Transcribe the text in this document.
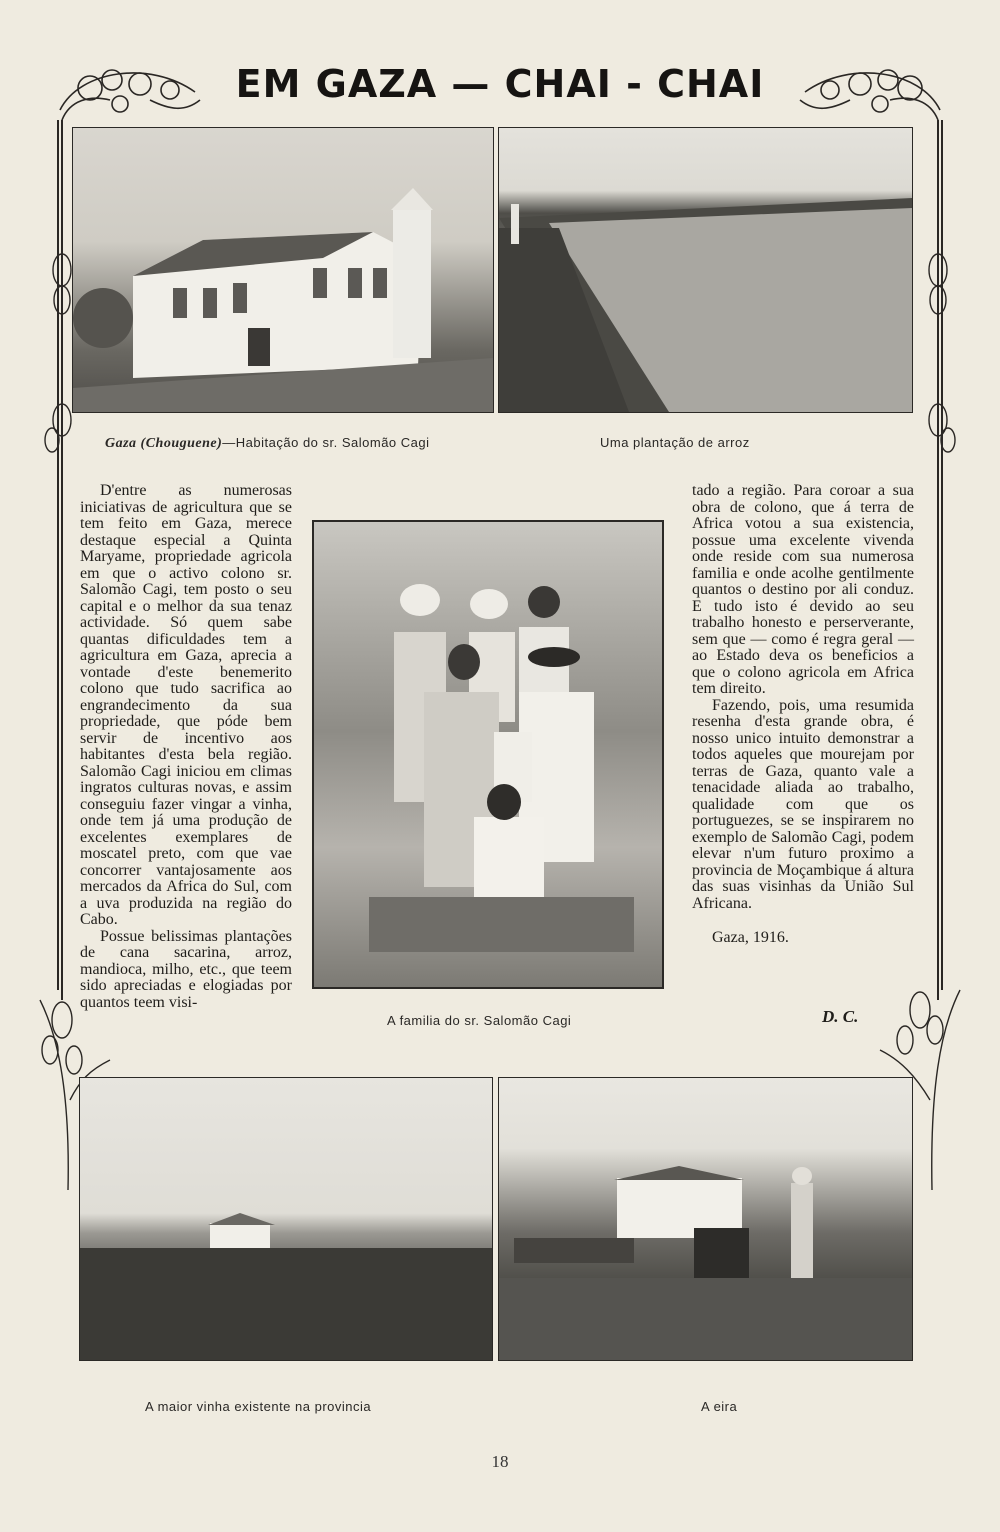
EM GAZA — CHAI - CHAI
Gaza (Chouguene)—Habitação do sr. Salomão Cagi	Uma plantação de arroz

D'entre as numerosas iniciativas de agricultura que se tem feito em Gaza, merece destaque especial a Quinta Maryame, propriedade agricola em que o activo colono sr. Salomão Cagi, tem posto o seu capital e o melhor da sua tenaz actividade. Só quem sabe quantas dificuldades tem a agricultura em Gaza, aprecia a vontade d'este benemerito colono que tudo sacrifica ao engrandecimento da sua propriedade, que póde bem servir de incentivo aos habitantes d'esta bela região. Salomão Cagi iniciou em climas ingratos culturas novas, e assim conseguiu fazer vingar a vinha, onde tem já uma produção de excelentes exemplares de moscatel preto, com que vae concorrer vantajosamente aos mercados da Africa do Sul, com a uva produzida na região do Cabo.

Possue belissimas plantações de cana sacarina, arroz, mandioca, milho, etc., que teem sido apreciadas e elogiadas por quantos teem visi-

A familia do sr. Salomão Cagi

tado a região. Para coroar a sua obra de colono, que á terra de Africa votou a sua existencia, possue uma excelente vivenda onde reside com sua numerosa familia e onde acolhe gentilmente quantos o destino por ali conduz. E tudo isto é devido ao seu trabalho honesto e perserverante, sem que — como é regra geral — ao Estado deva os beneficios a que o colono agricola em Africa tem direito.

Fazendo, pois, uma resumida resenha d'esta grande obra, é nosso unico intuito demonstrar a todos aqueles que mourejam por terras de Gaza, quanto vale a tenacidade aliada ao trabalho, qualidade com que os portuguezes, se se inspirarem no exemplo de Salomão Cagi, podem elevar n'um futuro proximo a provincia de Moçambique á altura das suas visinhas da União Sul Africana.

Gaza, 1916.

D. C.
A maior vinha existente na provincia	A eira
18
